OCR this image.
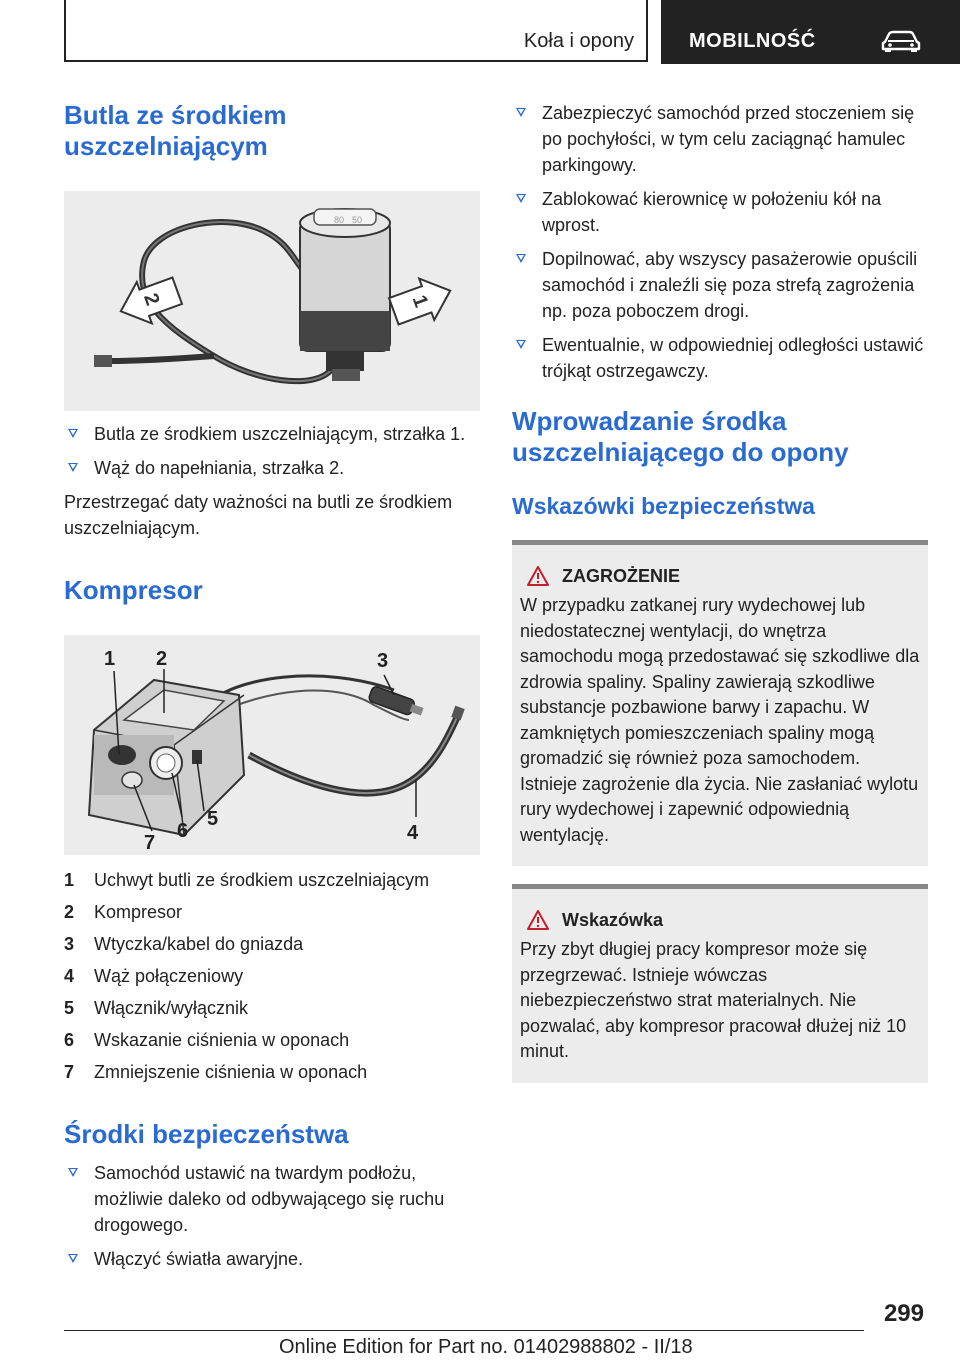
Koła i opony	MOBILNOŚĆ
Butla ze środkiem uszczelniającym
80 50
2	1
Butla ze środkiem uszczelniającym, strzałka 1.
Wąż do napełniania, strzałka 2.

Przestrzegać daty ważności na butli ze środkiem uszczelniającym.

Kompresor
1 2	3
4
5
6
7
1 Uchwyt butli ze środkiem uszczelniającym
2 Kompresor
3 Wtyczka/kabel do gniazda
4 Wąż połączeniowy
5 Włącznik/wyłącznik
6 Wskazanie ciśnienia w oponach
7 Zmniejszenie ciśnienia w oponach
Środki bezpieczeństwa
Samochód ustawić na twardym podłożu, możliwie daleko od odbywającego się ruchu drogowego.
Włączyć światła awaryjne.
Zabezpieczyć samochód przed stoczeniem się po pochyłości, w tym celu zaciągnąć hamulec parkingowy.
Zablokować kierownicę w położeniu kół na wprost.
Dopilnować, aby wszyscy pasażerowie opuścili samochód i znaleźli się poza strefą zagrożenia np. poza poboczem drogi.
Ewentualnie, w odpowiedniej odległości ustawić trójkąt ostrzegawczy.
Wprowadzanie środka uszczelniającego do opony
Wskazówki bezpieczeństwa
ZAGROŻENIE

W przypadku zatkanej rury wydechowej lub niedostatecznej wentylacji, do wnętrza samochodu mogą przedostawać się szkodliwe dla zdrowia spaliny. Spaliny zawierają szkodliwe substancje pozbawione barwy i zapachu. W zamkniętych pomieszczeniach spaliny mogą gromadzić się również poza samochodem. Istnieje zagrożenie dla życia. Nie zasłaniać wylotu rury wydechowej i zapewnić odpowiednią wentylację.

Wskazówka

Przy zbyt długiej pracy kompresor może się przegrzewać. Istnieje wówczas niebezpieczeństwo strat materialnych. Nie pozwalać, aby kompresor pracował dłużej niż 10 minut.

299
Online Edition for Part no. 01402988802 - II/18
